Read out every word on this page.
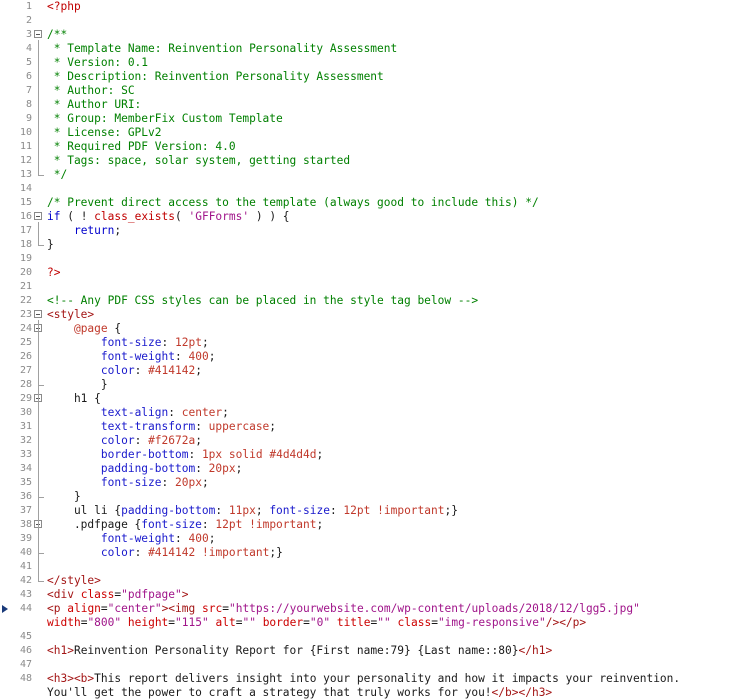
1 <?php
2
3 /**
4 * Template Name: Reinvention Personality Assessment
5 * Version: 0.1
6 * Description: Reinvention Personality Assessment
7 * Author: SC
8 * Author URI:
9 * Group: MemberFix Custom Template
10 * License: GPLv2
11 * Required PDF Version: 4.0
12 * Tags: space, solar system, getting started
13 */
14
15 /* Prevent direct access to the template (always good to include this) */
16 if ( ! class_exists( 'GFForms' ) ) {
17	return;
18 }
19
20 ?>
21
22 <!-- Any PDF CSS styles can be placed in the style tag below -->
23 <style>
24	@page {
25	font-size: 12pt;
26	font-weight: 400;
27	color: #414142;
28 }
29 h1 {
30	text-align: center;
31	text-transform: uppercase;
32	color: #f2672a;
33	border-bottom: 1px solid #4d4d4d;
34	padding-bottom: 20px;
35	font-size: 20px;
36 }
37 ul li {padding-bottom: 11px; font-size: 12pt !important;}
38 .pdfpage {font-size: 12pt !important;
39	font-weight: 400;
40	color: #414142 !important;}
41
42 </style>
43 <div class="pdfpage">
44 <p align="center"><img src="https://yourwebsite.com/wp-content/uploads/2018/12/lgg5.jpg"
width="800" height="115" alt="" border="0" title="" class="img-responsive"/></p>
45
46 <h1>Reinvention Personality Report for {First name:79} {Last name::80}</h1>
47
48 <h3><b>This report delivers insight into your personality and how it impacts your reinvention.
You'll get the power to craft a strategy that truly works for you!</b></h3>
